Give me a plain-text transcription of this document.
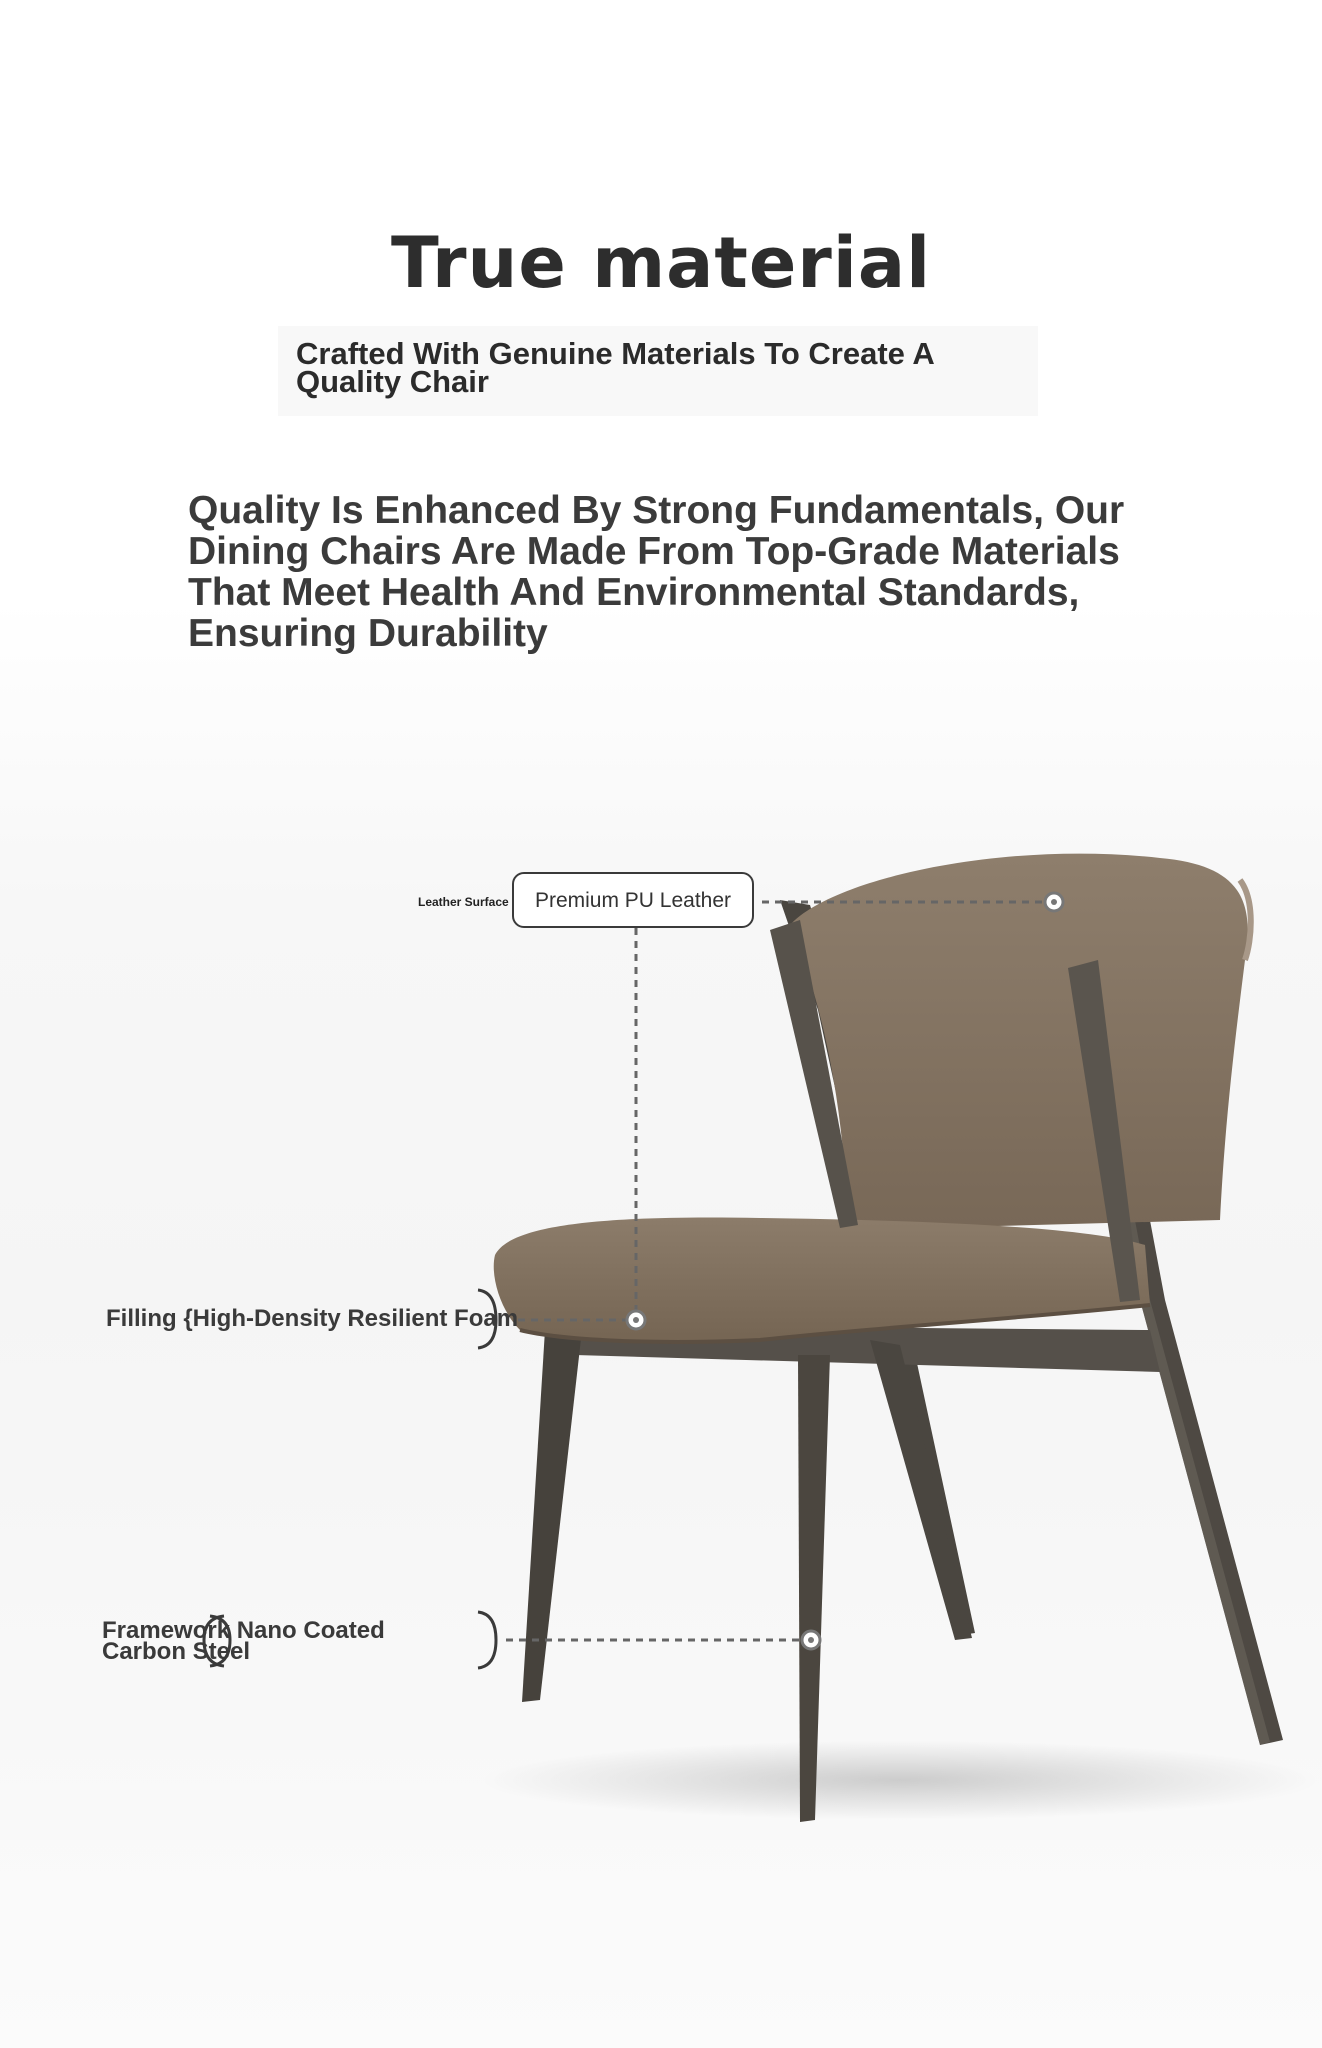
True material
Crafted With Genuine Materials To Create A Quality Chair
Quality Is Enhanced By Strong Fundamentals, Our Dining Chairs Are Made From Top-Grade Materials That Meet Health And Environmental Standards, Ensuring Durability
Leather Surface	Premium PU Leather
Filling {High-Density Resilient Foam
Framework Nano Coated
Carbon Steel
